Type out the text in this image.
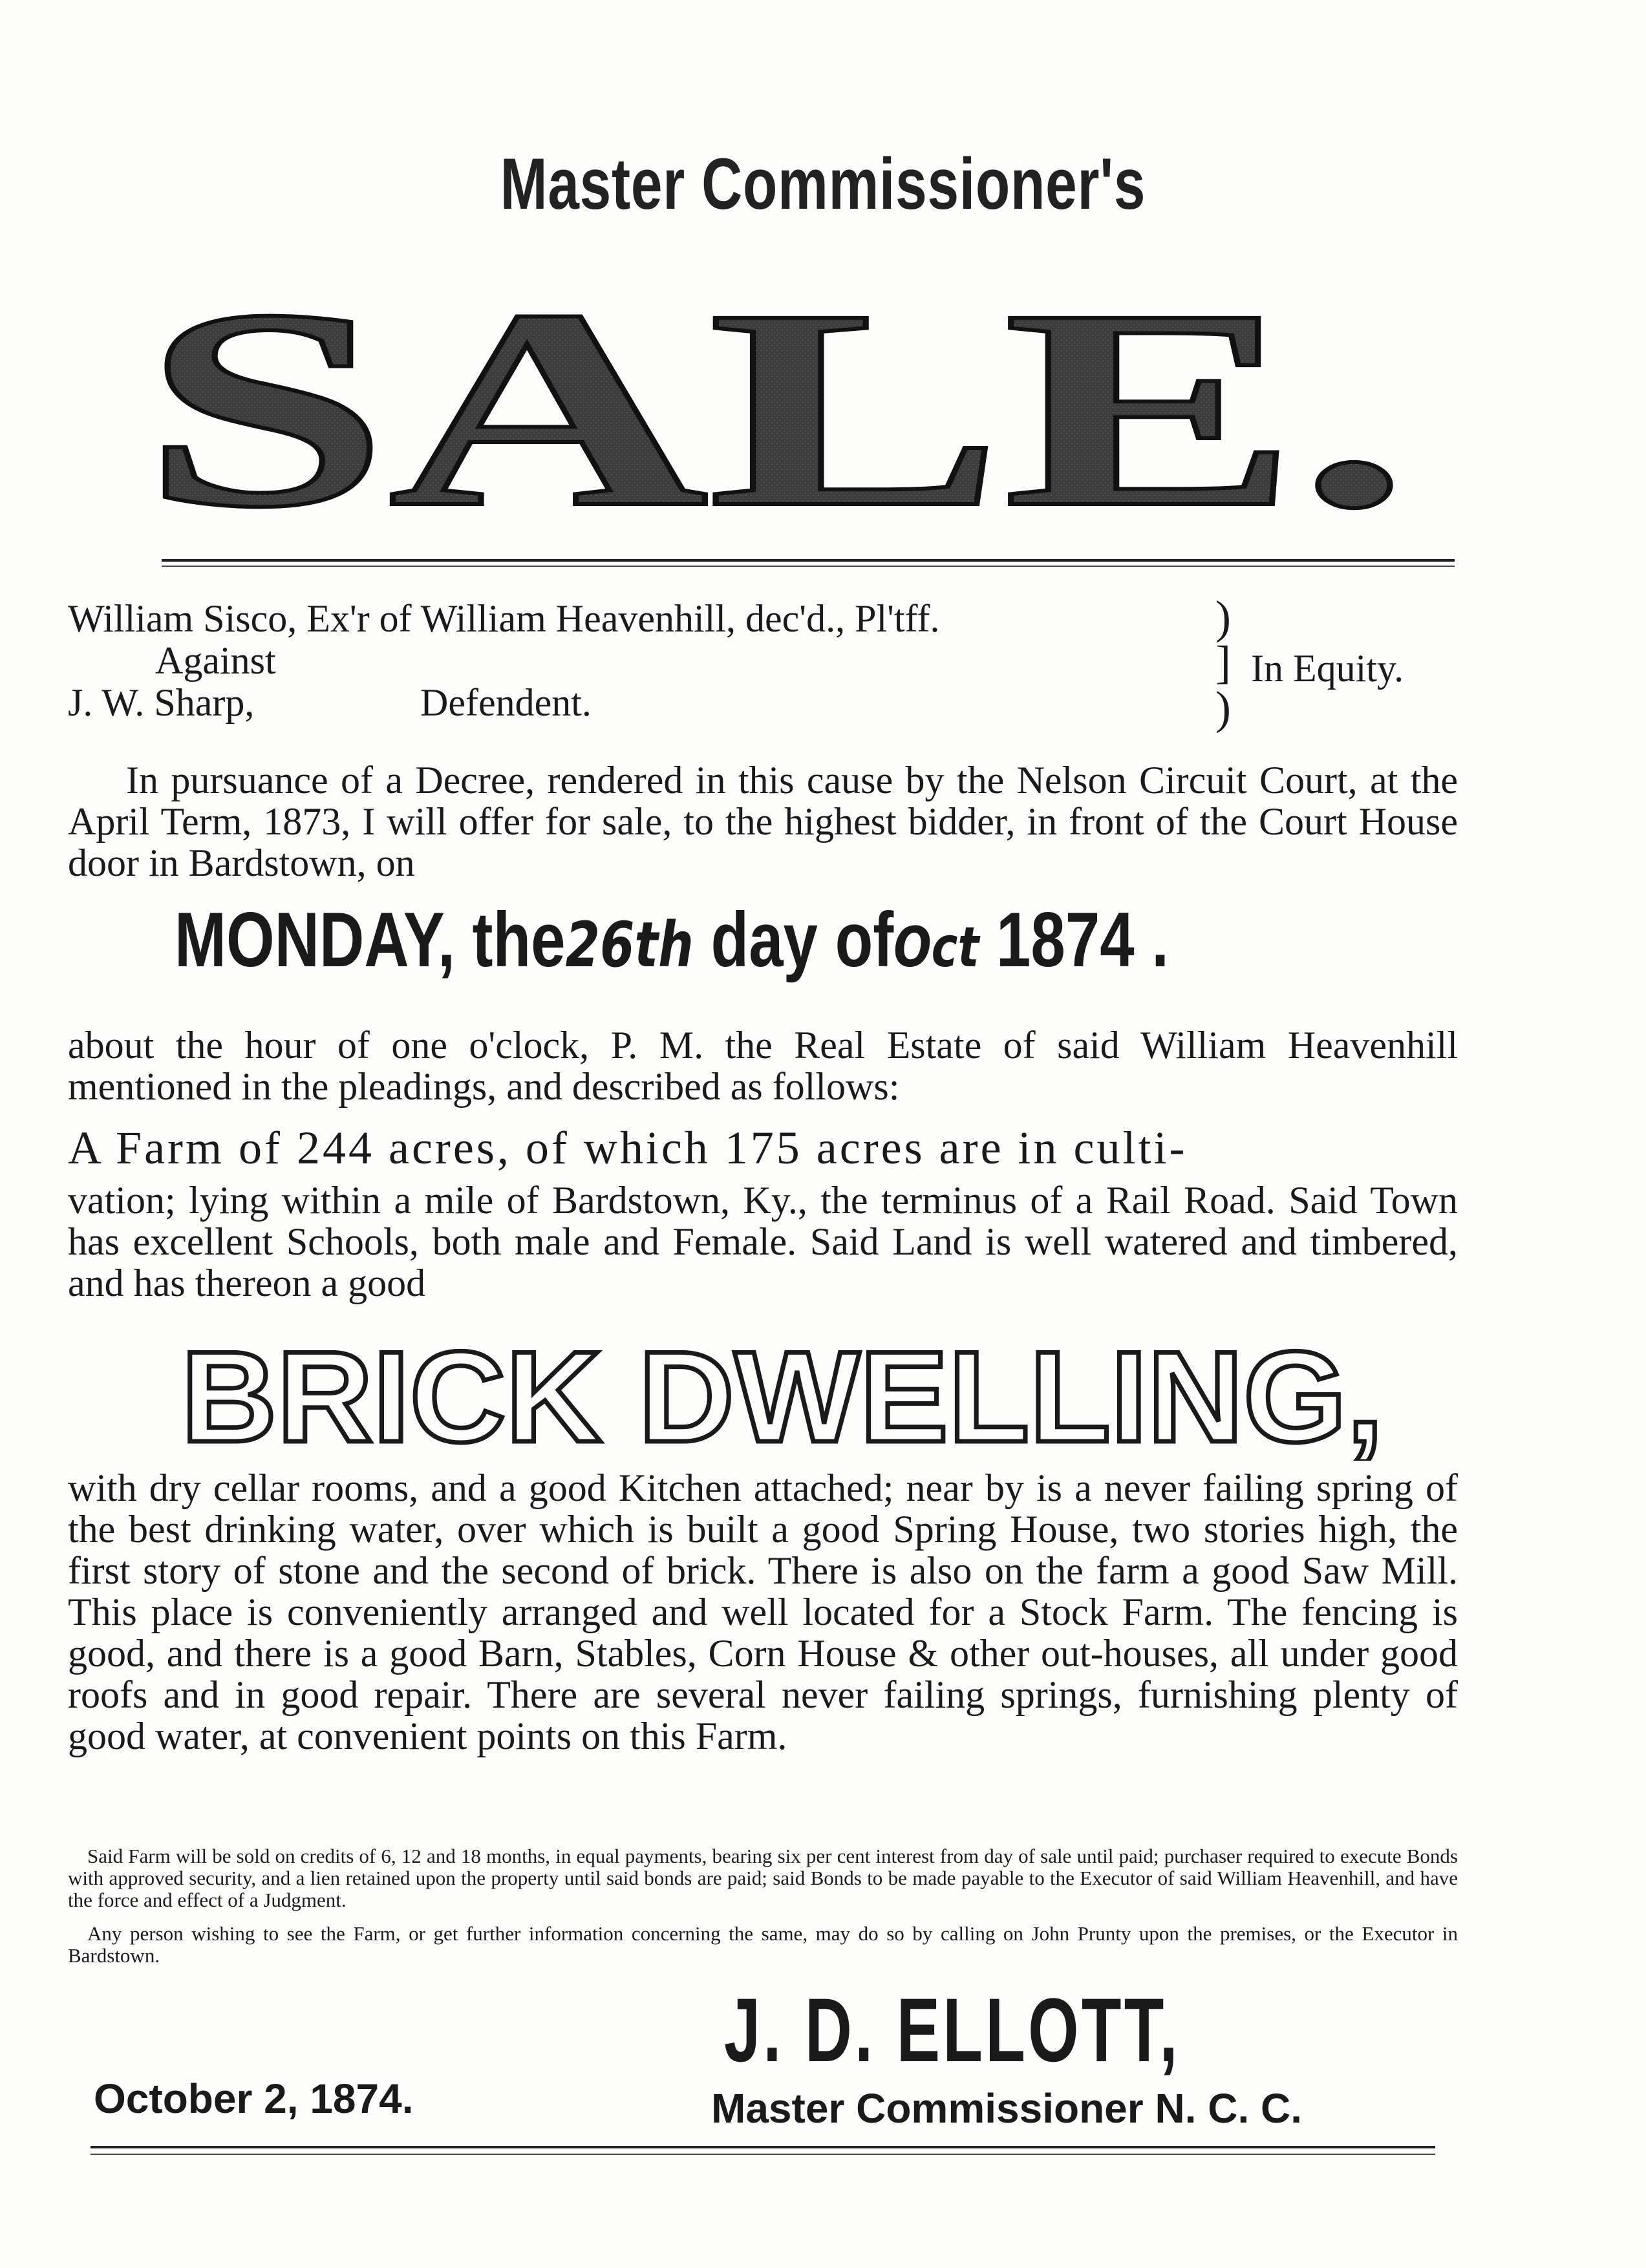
Master Commissioner's
SALE.
William Sisco, Ex'r of William Heavenhill, dec'd., Pl'tff.
Against
J. W. Sharp,	Defendent.
)
]
)
In Equity.
In pursuance of a Decree, rendered in this cause by the Nelson Circuit Court, at the April Term, 1873, I will offer for sale, to the highest bidder, in front of the Court House door in Bardstown, on
MONDAY, the26th day ofOct 1874 .
about the hour of one o'clock, P. M. the Real Estate of said William Heavenhill mentioned in the pleadings, and described as follows:
A Farm of 244 acres, of which 175 acres are in culti-
vation; lying within a mile of Bardstown, Ky., the terminus of a Rail Road. Said Town has excellent Schools, both male and Female. Said Land is well watered and timbered, and has thereon a good
BRICK DWELLING,
with dry cellar rooms, and a good Kitchen attached; near by is a never failing spring of the best drinking water, over which is built a good Spring House, two stories high, the first story of stone and the second of brick. There is also on the farm a good Saw Mill. This place is conveniently arranged and well located for a Stock Farm. The fencing is good, and there is a good Barn, Stables, Corn House & other out-houses, all under good roofs and in good repair. There are several never failing springs, furnishing plenty of good water, at convenient points on this Farm.
Said Farm will be sold on credits of 6, 12 and 18 months, in equal payments, bearing six per cent interest from day of sale until paid; purchaser required to execute Bonds with approved security, and a lien retained upon the property until said bonds are paid; said Bonds to be made payable to the Executor of said William Heavenhill, and have the force and effect of a Judgment.
Any person wishing to see the Farm, or get further information concerning the same, may do so by calling on John Prunty upon the premises, or the Executor in Bardstown.
J. D. ELLOTT,
Master Commissioner N. C. C.
October 2, 1874.
